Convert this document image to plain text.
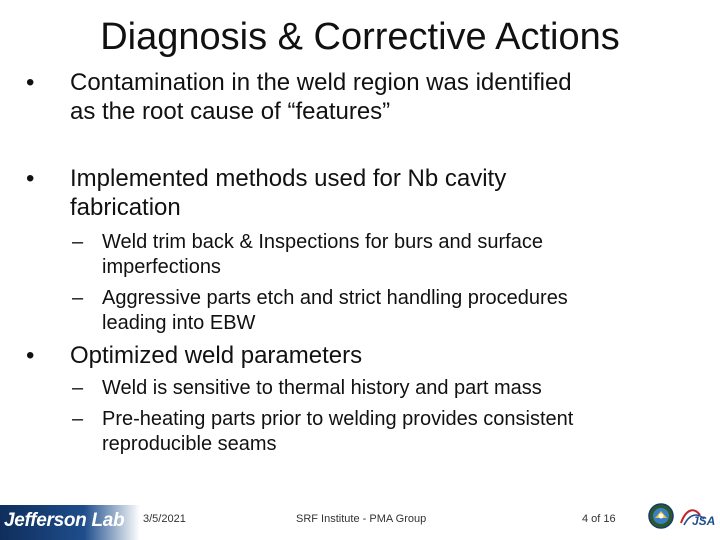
Diagnosis & Corrective Actions
•	Contamination in the weld region was identified
as the root cause of “features”
•	Implemented methods used for Nb cavity
fabrication
– Weld trim back & Inspections for burs and surface
imperfections
– Aggressive parts etch and strict handling procedures
leading into EBW
•	Optimized weld parameters
– Weld is sensitive to thermal history and part mass
– Pre-heating parts prior to welding provides consistent
reproducible seams
Jefferson Lab 3/5/2021	SRF Institute - PMA Group	4 of 16	JSA
